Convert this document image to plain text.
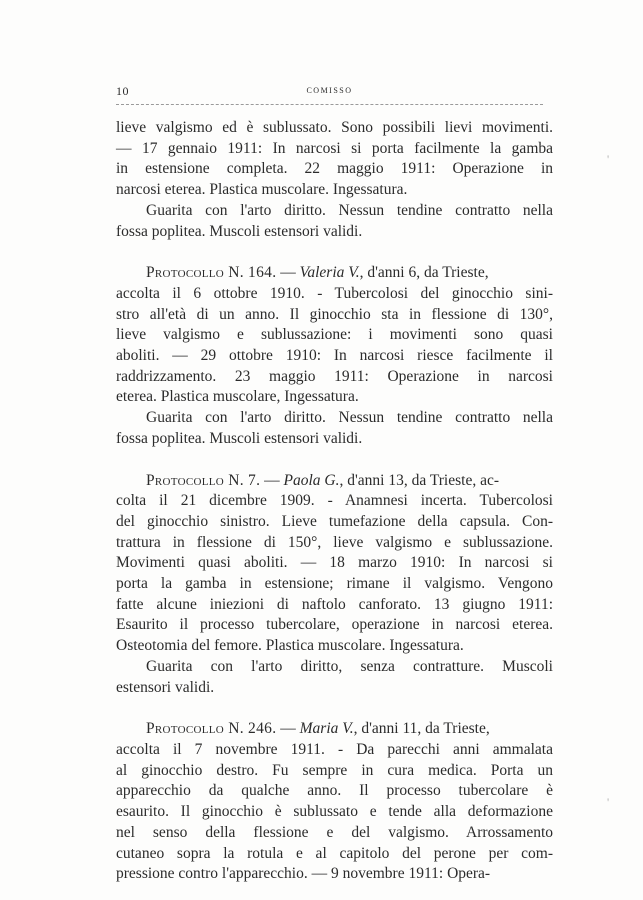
10	COMISSO
lieve valgismo ed è sublussato. Sono possibili lievi movimenti.
— 17 gennaio 1911: In narcosi si porta facilmente la gamba
in estensione completa. 22 maggio 1911: Operazione in
narcosi eterea. Plastica muscolare. Ingessatura.
Guarita con l'arto diritto. Nessun tendine contratto nella
fossa poplitea. Muscoli estensori validi.
Protocollo N. 164. — Valeria V., d'anni 6, da Trieste,
accolta il 6 ottobre 1910. - Tubercolosi del ginocchio sini-
stro all'età di un anno. Il ginocchio sta in flessione di 130°,
lieve valgismo e sublussazione: i movimenti sono quasi
aboliti. — 29 ottobre 1910: In narcosi riesce facilmente il
raddrizzamento. 23 maggio 1911: Operazione in narcosi
eterea. Plastica muscolare, Ingessatura.
Guarita con l'arto diritto. Nessun tendine contratto nella
fossa poplitea. Muscoli estensori validi.
Protocollo N. 7. — Paola G., d'anni 13, da Trieste, ac-
colta il 21 dicembre 1909. - Anamnesi incerta. Tubercolosi
del ginocchio sinistro. Lieve tumefazione della capsula. Con-
trattura in flessione di 150°, lieve valgismo e sublussazione.
Movimenti quasi aboliti. — 18 marzo 1910: In narcosi si
porta la gamba in estensione; rimane il valgismo. Vengono
fatte alcune iniezioni di naftolo canforato. 13 giugno 1911:
Esaurito il processo tubercolare, operazione in narcosi eterea.
Osteotomia del femore. Plastica muscolare. Ingessatura.
Guarita con l'arto diritto, senza contratture. Muscoli
estensori validi.
Protocollo N. 246. — Maria V., d'anni 11, da Trieste,
accolta il 7 novembre 1911. - Da parecchi anni ammalata
al ginocchio destro. Fu sempre in cura medica. Porta un
apparecchio da qualche anno. Il processo tubercolare è
esaurito. Il ginocchio è sublussato e tende alla deformazione
nel senso della flessione e del valgismo. Arrossamento
cutaneo sopra la rotula e al capitolo del perone per com-
pressione contro l'apparecchio. — 9 novembre 1911: Opera-
'
'
